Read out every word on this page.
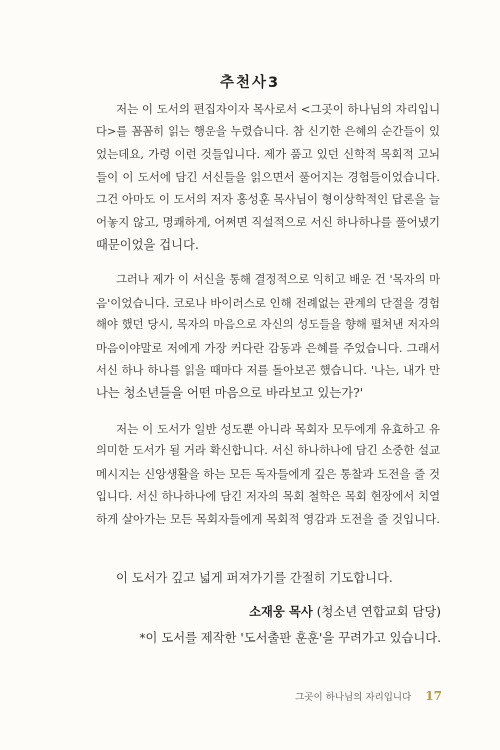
추천사3
저는 이 도서의 편집자이자 목사로서 <그곳이 하나님의 자리입니
다>를 꼼꼼히 읽는 행운을 누렸습니다. 참 신기한 은혜의 순간들이 있
었는데요, 가령 이런 것들입니다. 제가 품고 있던 신학적 목회적 고뇌
들이 이 도서에 담긴 서신들을 읽으면서 풀어지는 경험들이었습니다.
그건 아마도 이 도서의 저자 홍성훈 목사님이 형이상학적인 답론을 늘
어놓지 않고, 명쾌하게, 어쩌면 직설적으로 서신 하나하나를 풀어냈기
때문이었을 겁니다.
그러나 제가 이 서신을 통해 결정적으로 익히고 배운 건 '목자의 마
음'이었습니다. 코로나 바이러스로 인해 전례없는 관계의 단절을 경험
해야 했던 당시, 목자의 마음으로 자신의 성도들을 향해 펼쳐낸 저자의
마음이야말로 저에게 가장 커다란 감동과 은혜를 주었습니다. 그래서
서신 하나 하나를 읽을 때마다 저를 돌아보곤 했습니다. '나는, 내가 만
나는 청소년들을 어떤 마음으로 바라보고 있는가?'
저는 이 도서가 일반 성도뿐 아니라 목회자 모두에게 유효하고 유
의미한 도서가 될 거라 확신합니다. 서신 하나하나에 담긴 소중한 설교
메시지는 신앙생활을 하는 모든 독자들에게 깊은 통찰과 도전을 줄 것
입니다. 서신 하나하나에 담긴 저자의 목회 철학은 목회 현장에서 치열
하게 살아가는 모든 목회자들에게 목회적 영감과 도전을 줄 것입니다.
이 도서가 깊고 넓게 퍼져가기를 간절히 기도합니다.
소재웅 목사 (청소년 연합교회 담당)
*이 도서를 제작한 '도서출판 훈훈'을 꾸려가고 있습니다.
그곳이 하나님의 자리입니다 17
